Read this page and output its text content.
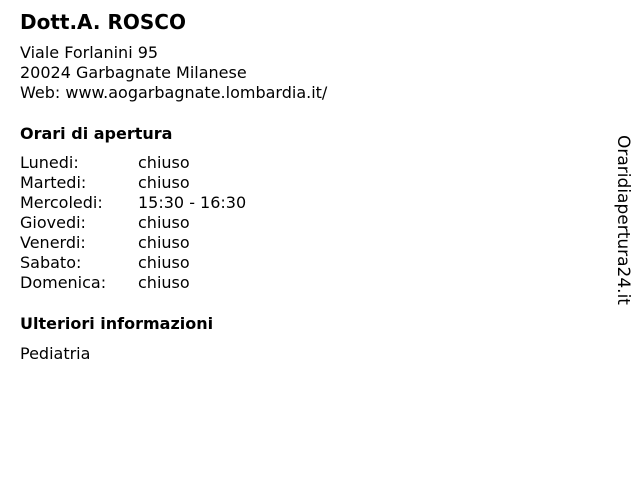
Dott.A. ROSCO
Viale Forlanini 95
20024 Garbagnate Milanese
Web: www.aogarbagnate.lombardia.it/
Orari di apertura
Lunedi:	chiuso
Martedi:	chiuso
Mercoledi: 15:30 - 16:30
Giovedi:	chiuso
Venerdi:	chiuso
Sabato:	chiuso
Domenica: chiuso
Ulteriori informazioni
Pediatria
Oraridiapertura24.it
